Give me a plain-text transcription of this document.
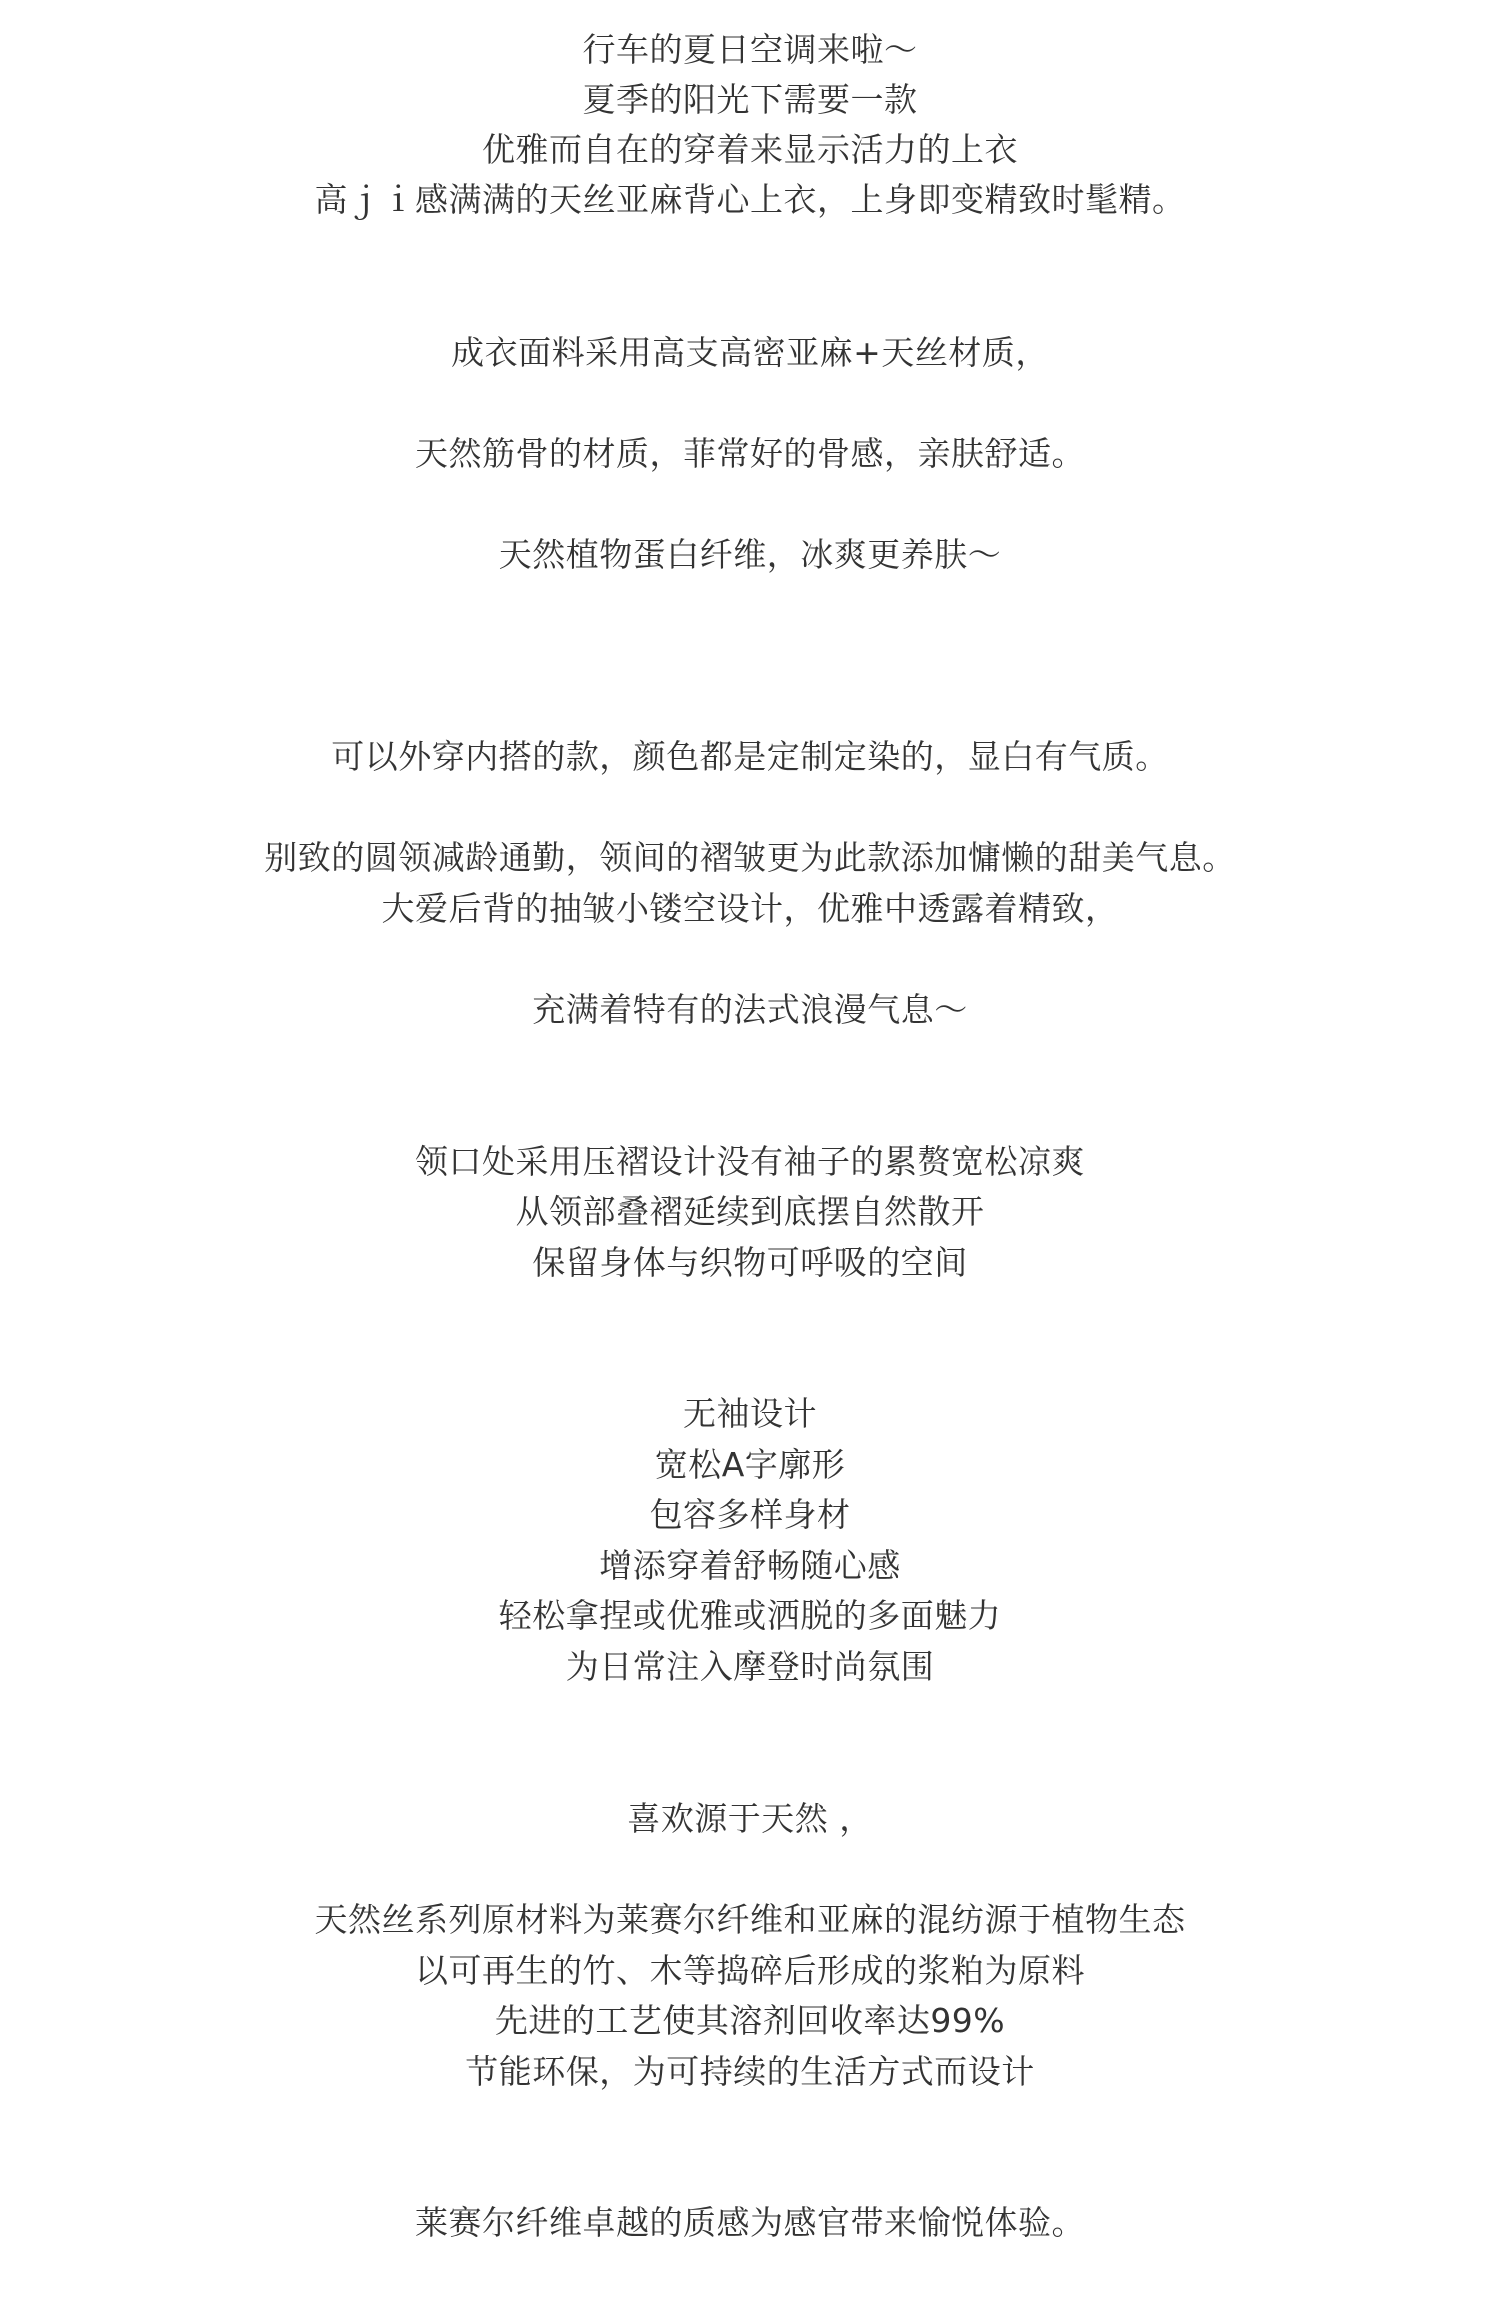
行车的夏日空调来啦～
夏季的阳光下需要一款
优雅而自在的穿着来显示活力的上衣
高ｊｉ感满满的天丝亚麻背心上衣，上身即变精致时髦精。
成衣面料采用高支高密亚麻+天丝材质，
天然筋骨的材质，菲常好的骨感，亲肤舒适。
天然植物蛋白纤维，冰爽更养肤～
可以外穿内搭的款，颜色都是定制定染的，显白有气质。
别致的圆领减龄通勤，领间的褶皱更为此款添加慵懒的甜美气息。
大爱后背的抽皱小镂空设计，优雅中透露着精致，
充满着特有的法式浪漫气息～
领口处采用压褶设计没有袖子的累赘宽松凉爽
从领部叠褶延续到底摆自然散开
保留身体与织物可呼吸的空间
无袖设计
宽松A字廓形
包容多样身材
增添穿着舒畅随心感
轻松拿捏或优雅或洒脱的多面魅力
为日常注入摩登时尚氛围
喜欢源于天然 ，
天然丝系列原材料为莱赛尔纤维和亚麻的混纺源于植物生态
以可再生的竹、木等捣碎后形成的浆粕为原料
先进的工艺使其溶剂回收率达99%
节能环保，为可持续的生活方式而设计
莱赛尔纤维卓越的质感为感官带来愉悦体验。
